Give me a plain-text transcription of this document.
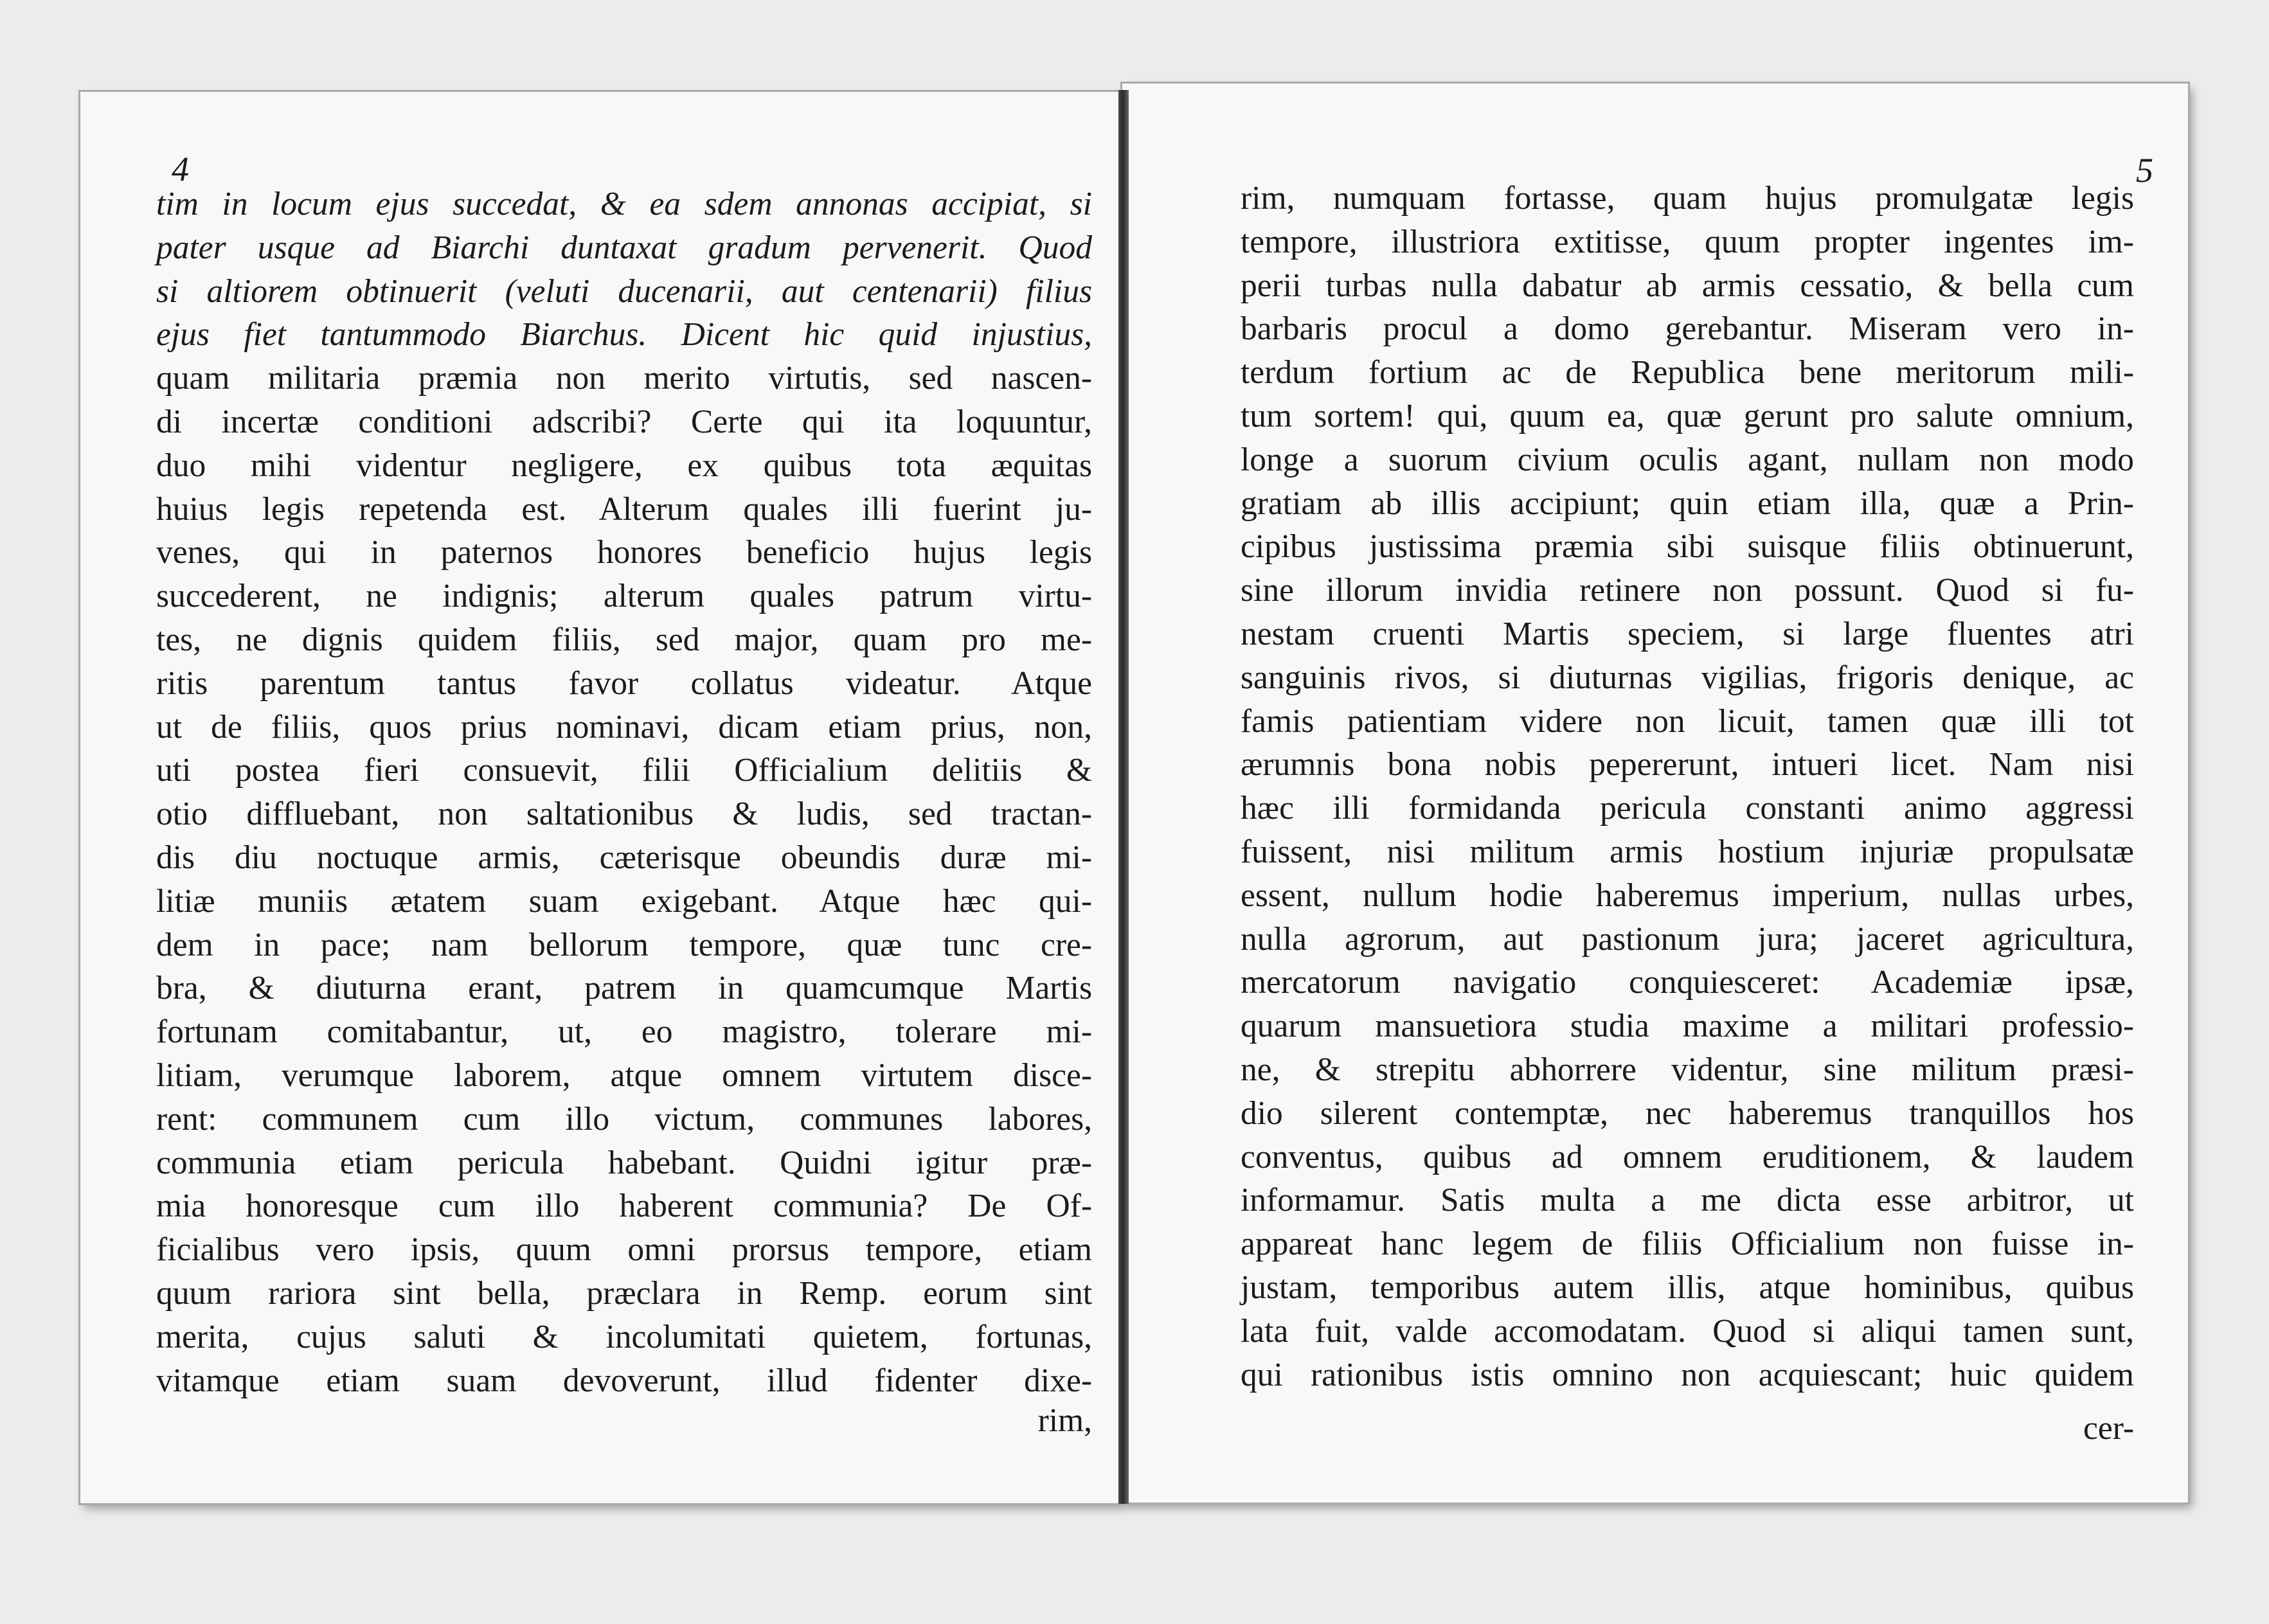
4
tim in locum ejus succedat, & ea sdem annonas accipiat, si
pater usque ad Biarchi duntaxat gradum pervenerit. Quod
si altiorem obtinuerit (veluti ducenarii, aut centenarii) filius
ejus fiet tantummodo Biarchus. Dicent hic quid injustius,
quam militaria præmia non merito virtutis, sed nascen-
di incertæ conditioni adscribi? Certe qui ita loquuntur,
duo mihi videntur negligere, ex quibus tota æquitas
huius legis repetenda est. Alterum quales illi fuerint ju-
venes, qui in paternos honores beneficio hujus legis
succederent, ne indignis; alterum quales patrum virtu-
tes, ne dignis quidem filiis, sed major, quam pro me-
ritis parentum tantus favor collatus videatur. Atque
ut de filiis, quos prius nominavi, dicam etiam prius, non,
uti postea fieri consuevit, filii Officialium delitiis &
otio diffluebant, non saltationibus & ludis, sed tractan-
dis diu noctuque armis, cæterisque obeundis duræ mi-
litiæ muniis ætatem suam exigebant. Atque hæc qui-
dem in pace; nam bellorum tempore, quæ tunc cre-
bra, & diuturna erant, patrem in quamcumque Martis
fortunam comitabantur, ut, eo magistro, tolerare mi-
litiam, verumque laborem, atque omnem virtutem disce-
rent: communem cum illo victum, communes labores,
communia etiam pericula habebant. Quidni igitur præ-
mia honoresque cum illo haberent communia? De Of-
ficialibus vero ipsis, quum omni prorsus tempore, etiam
quum rariora sint bella, præclara in Remp. eorum sint
merita, cujus saluti & incolumitati quietem, fortunas,
vitamque etiam suam devoverunt, illud fidenter dixe-
rim,
5
rim, numquam fortasse, quam hujus promulgatæ legis
tempore, illustriora extitisse, quum propter ingentes im-
perii turbas nulla dabatur ab armis cessatio, & bella cum
barbaris procul a domo gerebantur. Miseram vero in-
terdum fortium ac de Republica bene meritorum mili-
tum sortem! qui, quum ea, quæ gerunt pro salute omnium,
longe a suorum civium oculis agant, nullam non modo
gratiam ab illis accipiunt; quin etiam illa, quæ a Prin-
cipibus justissima præmia sibi suisque filiis obtinuerunt,
sine illorum invidia retinere non possunt. Quod si fu-
nestam cruenti Martis speciem, si large fluentes atri
sanguinis rivos, si diuturnas vigilias, frigoris denique, ac
famis patientiam videre non licuit, tamen quæ illi tot
ærumnis bona nobis pepererunt, intueri licet. Nam nisi
hæc illi formidanda pericula constanti animo aggressi
fuissent, nisi militum armis hostium injuriæ propulsatæ
essent, nullum hodie haberemus imperium, nullas urbes,
nulla agrorum, aut pastionum jura; jaceret agricultura,
mercatorum navigatio conquiesceret: Academiæ ipsæ,
quarum mansuetiora studia maxime a militari professio-
ne, & strepitu abhorrere videntur, sine militum præsi-
dio silerent contemptæ, nec haberemus tranquillos hos
conventus, quibus ad omnem eruditionem, & laudem
informamur. Satis multa a me dicta esse arbitror, ut
appareat hanc legem de filiis Officialium non fuisse in-
justam, temporibus autem illis, atque hominibus, quibus
lata fuit, valde accomodatam. Quod si aliqui tamen sunt,
qui rationibus istis omnino non acquiescant; huic quidem
cer-
